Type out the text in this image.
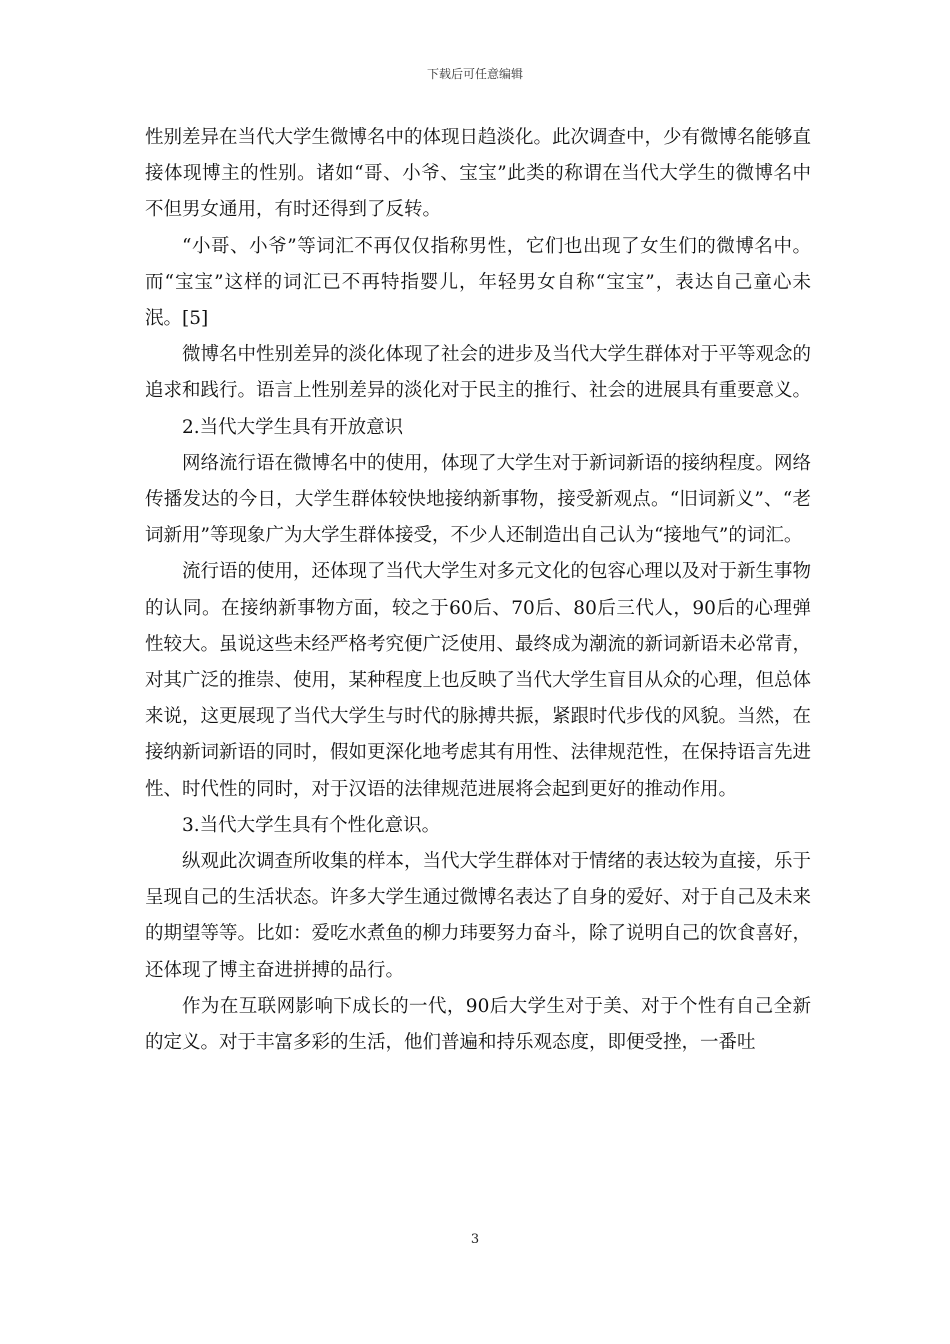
下载后可任意编辑

性别差异在当代大学生微博名中的体现日趋淡化。此次调查中，少有微博名能够直接体现博主的性别。诸如“哥、小爷、宝宝”此类的称谓在当代大学生的微博名中不但男女通用，有时还得到了反转。

“小哥、小爷”等词汇不再仅仅指称男性，它们也出现了女生们的微博名中。而“宝宝”这样的词汇已不再特指婴儿，年轻男女自称“宝宝”，表达自己童心未泯。[5]

微博名中性别差异的淡化体现了社会的进步及当代大学生群体对于平等观念的追求和践行。语言上性别差异的淡化对于民主的推行、社会的进展具有重要意义。

2.当代大学生具有开放意识

网络流行语在微博名中的使用，体现了大学生对于新词新语的接纳程度。网络传播发达的今日，大学生群体较快地接纳新事物，接受新观点。“旧词新义”、“老词新用”等现象广为大学生群体接受，不少人还制造出自己认为“接地气”的词汇。

流行语的使用，还体现了当代大学生对多元文化的包容心理以及对于新生事物的认同。在接纳新事物方面，较之于60后、70后、80后三代人，90后的心理弹性较大。虽说这些未经严格考究便广泛使用、最终成为潮流的新词新语未必常青，对其广泛的推崇、使用，某种程度上也反映了当代大学生盲目从众的心理，但总体来说，这更展现了当代大学生与时代的脉搏共振，紧跟时代步伐的风貌。当然，在接纳新词新语的同时，假如更深化地考虑其有用性、法律规范性，在保持语言先进性、时代性的同时，对于汉语的法律规范进展将会起到更好的推动作用。

3.当代大学生具有个性化意识。

纵观此次调查所收集的样本，当代大学生群体对于情绪的表达较为直接，乐于呈现自己的生活状态。许多大学生通过微博名表达了自身的爱好、对于自己及未来的期望等等。比如：爱吃水煮鱼的柳力玮要努力奋斗，除了说明自己的饮食喜好，还体现了博主奋进拼搏的品行。

作为在互联网影响下成长的一代，90后大学生对于美、对于个性有自己全新的定义。对于丰富多彩的生活，他们普遍和持乐观态度，即便受挫，一番吐

3
